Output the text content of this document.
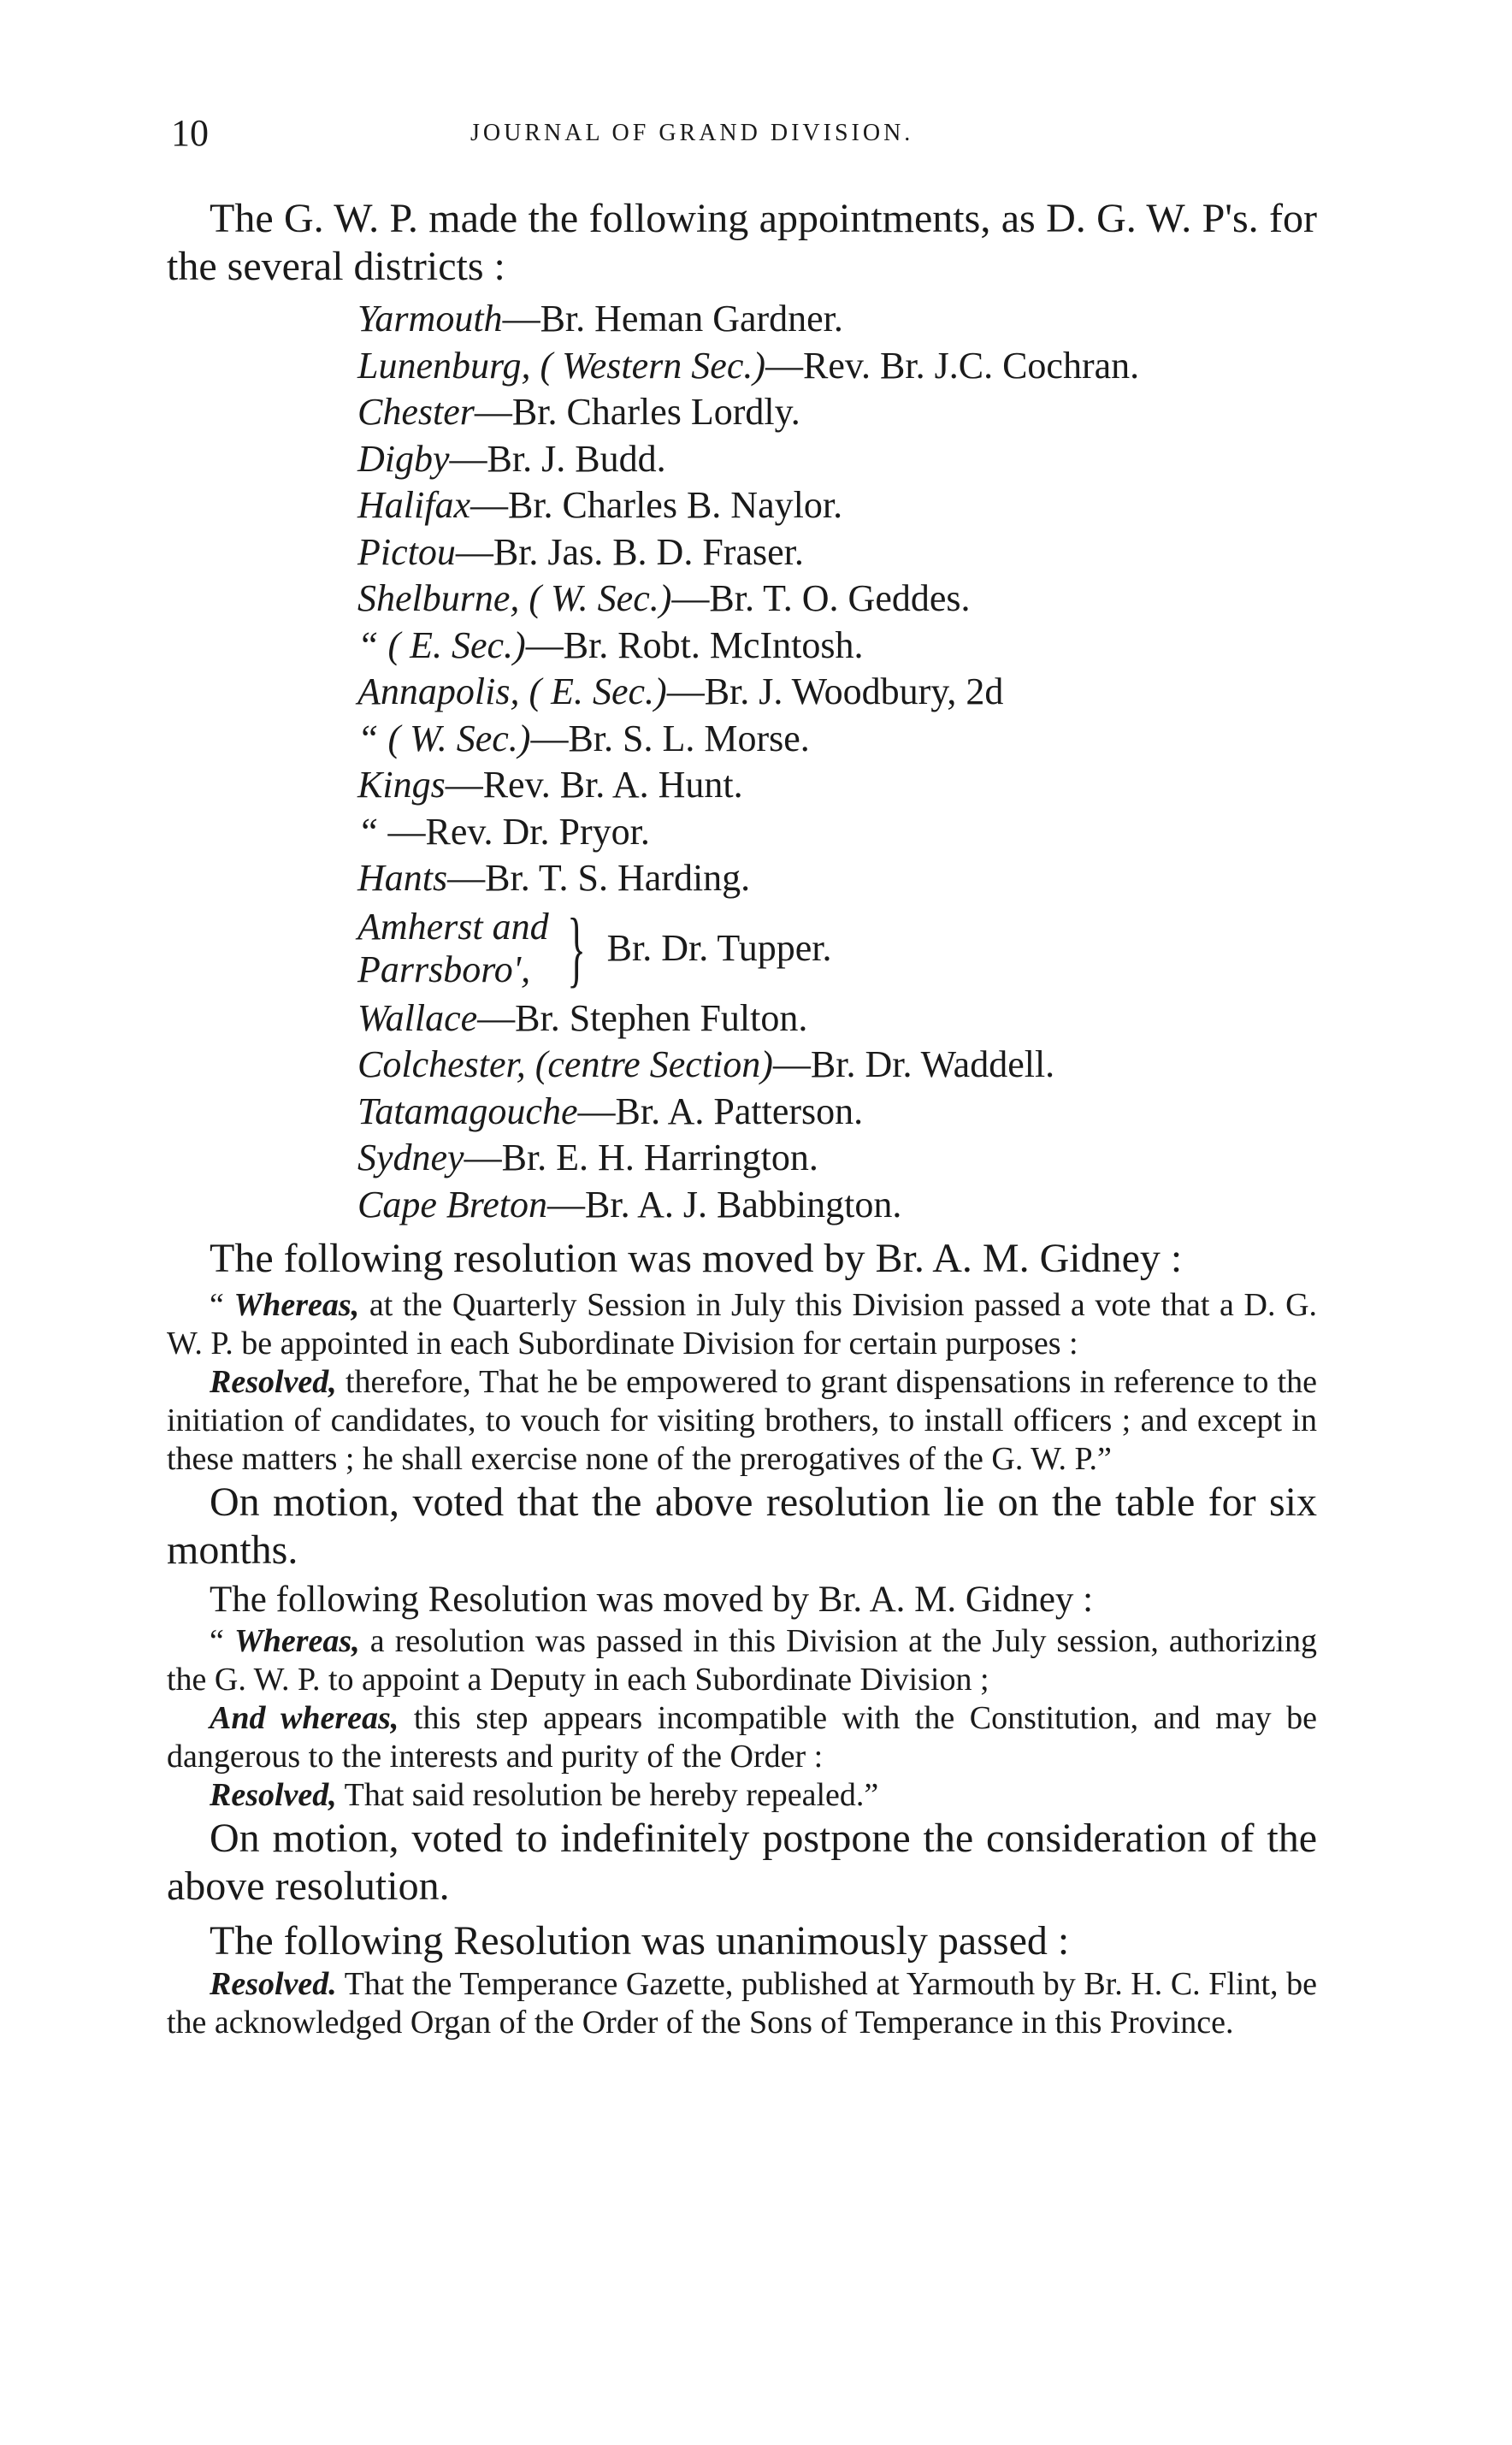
10	JOURNAL OF GRAND DIVISION.

The G. W. P. made the following appointments, as D. G. W. P's. for the several districts :

Yarmouth—Br. Heman Gardner.
Lunenburg, ( Western Sec.)—Rev. Br. J.C. Cochran.
Chester—Br. Charles Lordly.
Digby—Br. J. Budd.
Halifax—Br. Charles B. Naylor.
Pictou—Br. Jas. B. D. Fraser.
Shelburne, ( W. Sec.)—Br. T. O. Geddes.
“ ( E. Sec.)—Br. Robt. McIntosh.
Annapolis, ( E. Sec.)—Br. J. Woodbury, 2d
“ ( W. Sec.)—Br. S. L. Morse.
Kings—Rev. Br. A. Hunt.
“ —Rev. Dr. Pryor.
Hants—Br. T. S. Harding.
Amherst and
Parrsboro', } Br. Dr. Tupper.
Wallace—Br. Stephen Fulton.
Colchester, (centre Section)—Br. Dr. Waddell.
Tatamagouche—Br. A. Patterson.
Sydney—Br. E. H. Harrington.
Cape Breton—Br. A. J. Babbington.

The following resolution was moved by Br. A. M. Gidney :

“ Whereas, at the Quarterly Session in July this Division passed a vote that a D. G. W. P. be appointed in each Subordinate Division for certain purposes :

Resolved, therefore, That he be empowered to grant dispensations in reference to the initiation of candidates, to vouch for visiting brothers, to install officers ; and except in these matters ; he shall exercise none of the prerogatives of the G. W. P.”

On motion, voted that the above resolution lie on the table for six months.

The following Resolution was moved by Br. A. M. Gidney :

“ Whereas, a resolution was passed in this Division at the July session, authorizing the G. W. P. to appoint a Deputy in each Subordinate Division ;

And whereas, this step appears incompatible with the Constitution, and may be dangerous to the interests and purity of the Order :

Resolved, That said resolution be hereby repealed.”

On motion, voted to indefinitely postpone the consideration of the above resolution.

The following Resolution was unanimously passed :

Resolved. That the Temperance Gazette, published at Yarmouth by Br. H. C. Flint, be the acknowledged Organ of the Order of the Sons of Temperance in this Province.
